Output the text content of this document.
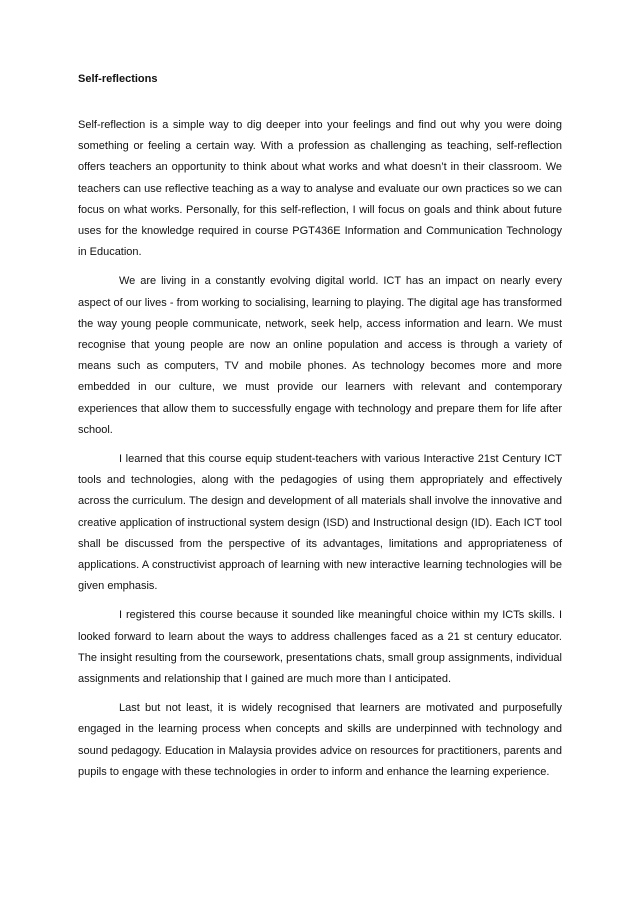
Self-reflections

Self-reflection is a simple way to dig deeper into your feelings and find out why you were doing something or feeling a certain way. With a profession as challenging as teaching, self-reflection offers teachers an opportunity to think about what works and what doesn’t in their classroom. We teachers can use reflective teaching as a way to analyse and evaluate our own practices so we can focus on what works. Personally, for this self-reflection, I will focus on goals and think about future uses for the knowledge required in course PGT436E Information and Communication Technology in Education.

We are living in a constantly evolving digital world. ICT has an impact on nearly every aspect of our lives - from working to socialising, learning to playing. The digital age has transformed the way young people communicate, network, seek help, access information and learn. We must recognise that young people are now an online population and access is through a variety of means such as computers, TV and mobile phones. As technology becomes more and more embedded in our culture, we must provide our learners with relevant and contemporary experiences that allow them to successfully engage with technology and prepare them for life after school.

I learned that this course equip student-teachers with various Interactive 21st Century ICT tools and technologies, along with the pedagogies of using them appropriately and effectively across the curriculum. The design and development of all materials shall involve the innovative and creative application of instructional system design (ISD) and Instructional design (ID). Each ICT tool shall be discussed from the perspective of its advantages, limitations and appropriateness of applications. A constructivist approach of learning with new interactive learning technologies will be given emphasis.

I registered this course because it sounded like meaningful choice within my ICTs skills. I looked forward to learn about the ways to address challenges faced as a 21 st century educator. The insight resulting from the coursework, presentations chats, small group assignments, individual assignments and relationship that I gained are much more than I anticipated.

Last but not least, it is widely recognised that learners are motivated and purposefully engaged in the learning process when concepts and skills are underpinned with technology and sound pedagogy. Education in Malaysia provides advice on resources for practitioners, parents and pupils to engage with these technologies in order to inform and enhance the learning experience.
